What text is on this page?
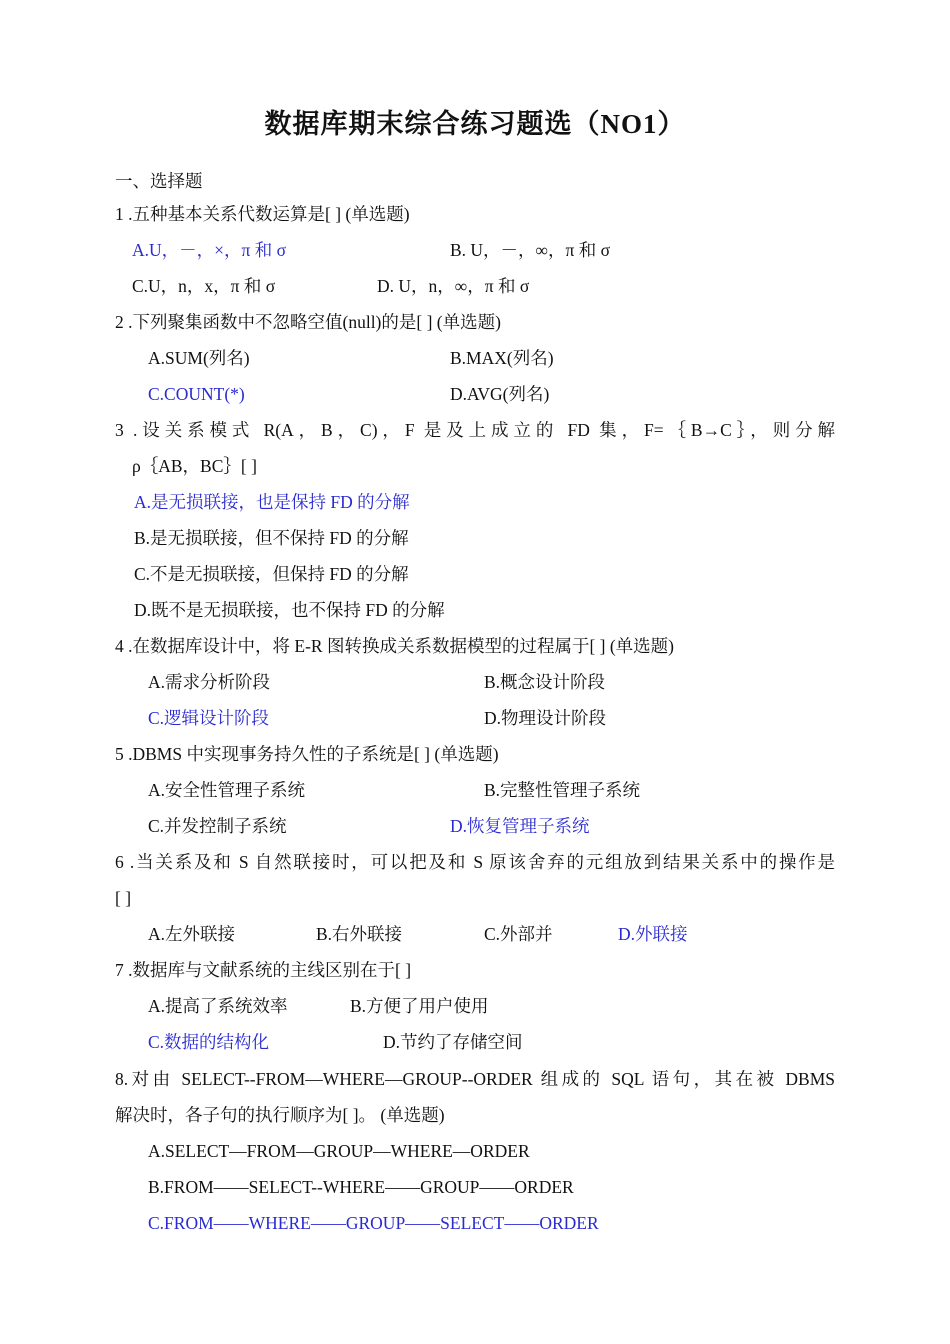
数据库期末综合练习题选（NO1）
一、选择题
1 .五种基本关系代数运算是[ ] (单选题)
A.U，－，×，π 和 σ	B. U，－，∞，π 和 σ
C.U，n，x，π 和 σ	D. U，n，∞，π 和 σ
2 .下列聚集函数中不忽略空值(null)的是[ ] (单选题)
A.SUM(列名)	B.MAX(列名)
C.COUNT(*)	D.AVG(列名)
3 .设关系模式 R(A，B，C)，F 是及上成立的 FD 集，F=｛B→C｝，则分解
ρ｛AB，BC｝[ ]
A.是无损联接，也是保持 FD 的分解
B.是无损联接，但不保持 FD 的分解
C.不是无损联接，但保持 FD 的分解
D.既不是无损联接，也不保持 FD 的分解
4 .在数据库设计中，将 E-R 图转换成关系数据模型的过程属于[ ] (单选题)
A.需求分析阶段	B.概念设计阶段
C.逻辑设计阶段	D.物理设计阶段
5 .DBMS 中实现事务持久性的子系统是[ ] (单选题)
A.安全性管理子系统	B.完整性管理子系统
C.并发控制子系统	D.恢复管理子系统
6 .当关系及和 S 自然联接时，可以把及和 S 原该舍弃的元组放到结果关系中的操作是
[ ]
A.左外联接	B.右外联接	C.外部并	D.外联接
7 .数据库与文献系统的主线区别在于[ ]
A.提高了系统效率	B.方便了用户使用
C.数据的结构化	D.节约了存储空间
8.对由 SELECT--FROM—WHERE—GROUP--ORDER 组成的 SQL 语句，其在被 DBMS
解决时，各子句的执行顺序为[ ]。 (单选题)
A.SELECT—FROM—GROUP—WHERE—ORDER
B.FROM——SELECT--WHERE——GROUP——ORDER
C.FROM——WHERE——GROUP——SELECT——ORDER
